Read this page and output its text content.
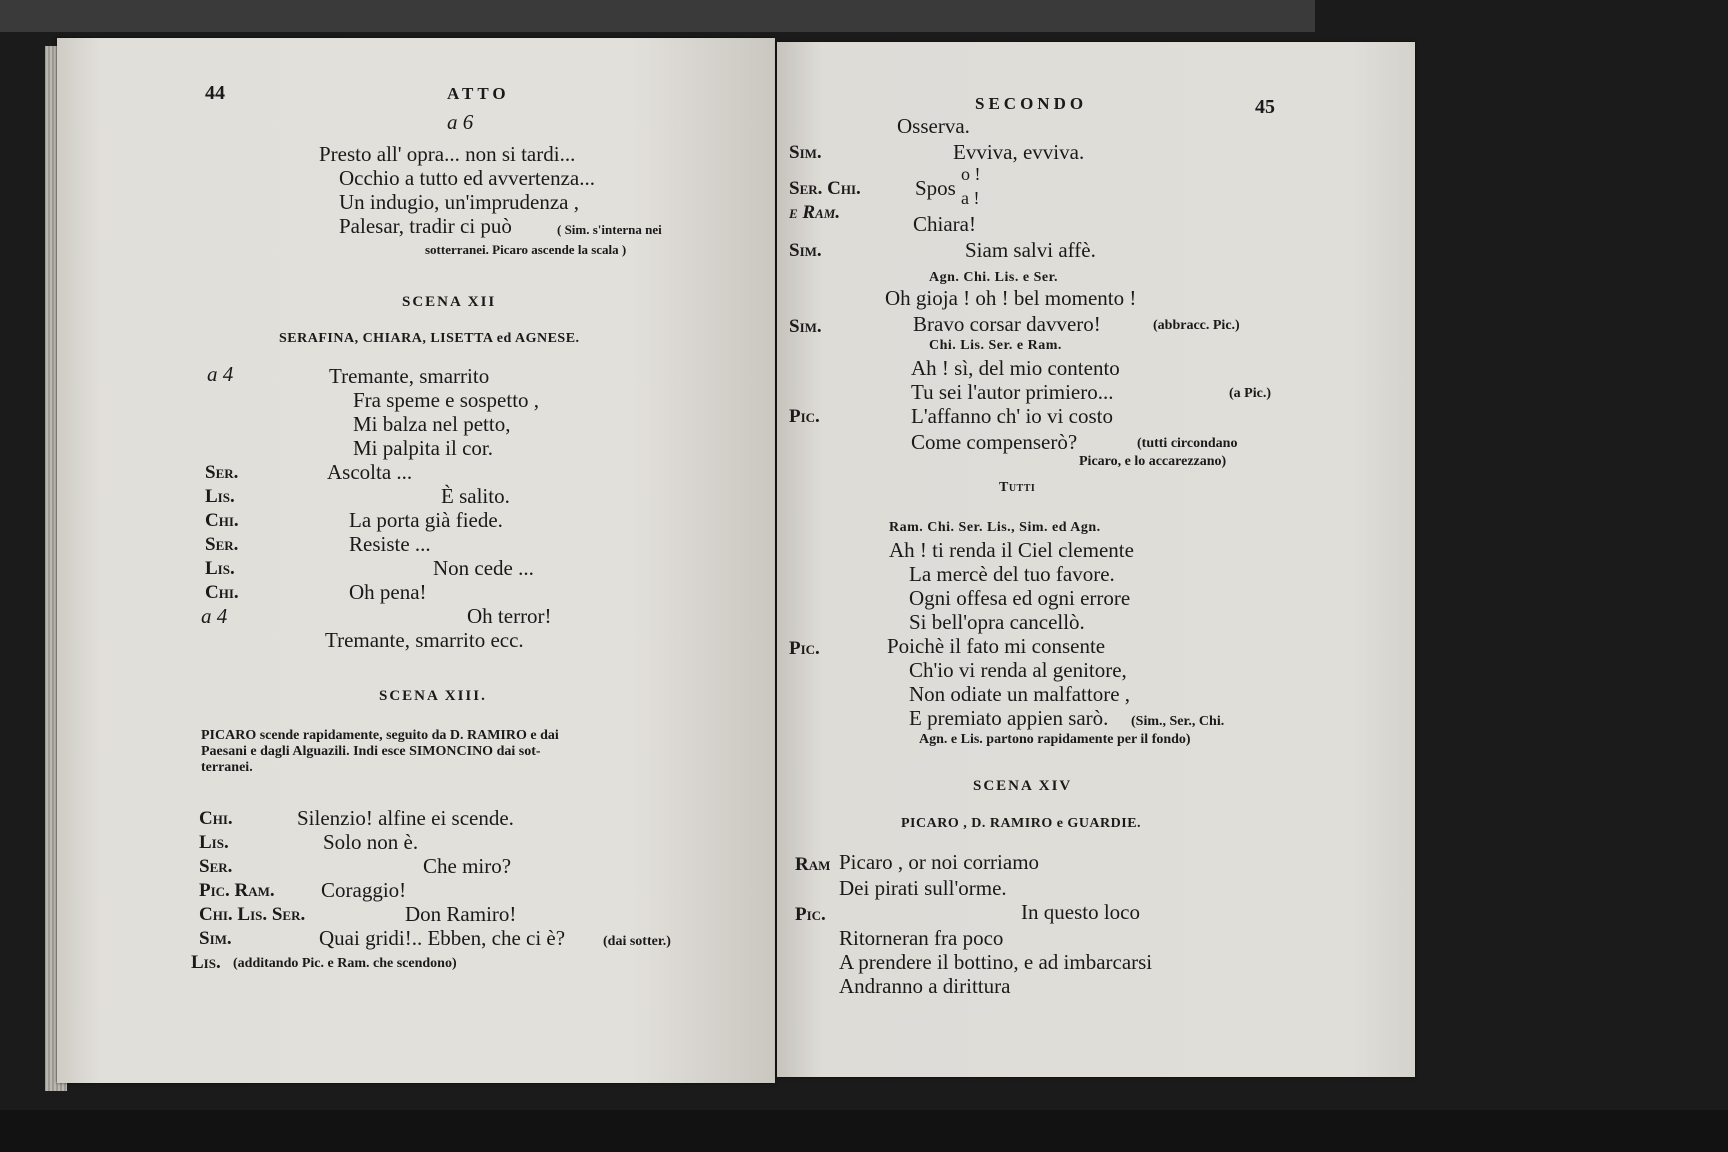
44	ATTO
a 6
Presto all' opra... non si tardi...
Occhio a tutto ed avvertenza...
Un indugio, un'imprudenza ,
Palesar, tradir ci può	( Sim. s'interna nei
sotterranei. Picaro ascende la scala )
SCENA XII
SERAFINA, CHIARA, LISETTA ed AGNESE.
a 4	Tremante, smarrito
Fra speme e sospetto ,
Mi balza nel petto,
Mi palpita il cor.
Ser.	Ascolta ...
Lis.	È salito.
Chi.	La porta già fiede.
Ser.	Resiste ...
Lis.	Non cede ...
Chi.	Oh pena!
a 4	Oh terror!
Tremante, smarrito ecc.
SCENA XIII.
PICARO scende rapidamente, seguito da D. RAMIRO e dai
Paesani e dagli Alguazili. Indi esce SIMONCINO dai sot-
terranei.
Chi.	Silenzio! alfine ei scende.
Lis.	Solo non è.
Ser.	Che miro?
Pic. Ram. Coraggio!
Chi. Lis. Ser.	Don Ramiro!
Sim.	Quai gridi!.. Ebben, che ci è?	(dai sotter.)
Lis. (additando Pic. e Ram. che scendono)
SECONDO	45
Osserva.
Sim.	Evviva, evviva.
Ser. Chi.	Spos
o !
a !
e Ram.	Chiara!
Sim.	Siam salvi affè.
Agn. Chi. Lis. e Ser.
Oh gioja ! oh ! bel momento !
Sim.	Bravo corsar davvero!	(abbracc. Pic.)
Chi. Lis. Ser. e Ram.
Ah ! sì, del mio contento
Tu sei l'autor primiero...	(a Pic.)
Pic.	L'affanno ch' io vi costo
Come compenserò?	(tutti circondano
Picaro, e lo accarezzano)
Tutti
Ram. Chi. Ser. Lis., Sim. ed Agn.
Ah ! ti renda il Ciel clemente
La mercè del tuo favore.
Ogni offesa ed ogni errore
Si bell'opra cancellò.
Pic.	Poichè il fato mi consente
Ch'io vi renda al genitore,
Non odiate un malfattore ,
E premiato appien sarò. (Sim., Ser., Chi.
Agn. e Lis. partono rapidamente per il fondo)
SCENA XIV
PICARO , D. RAMIRO e GUARDIE.
Ram Picaro , or noi corriamo
Dei pirati sull'orme.
Pic.	In questo loco
Ritorneran fra poco
A prendere il bottino, e ad imbarcarsi
Andranno a dirittura
